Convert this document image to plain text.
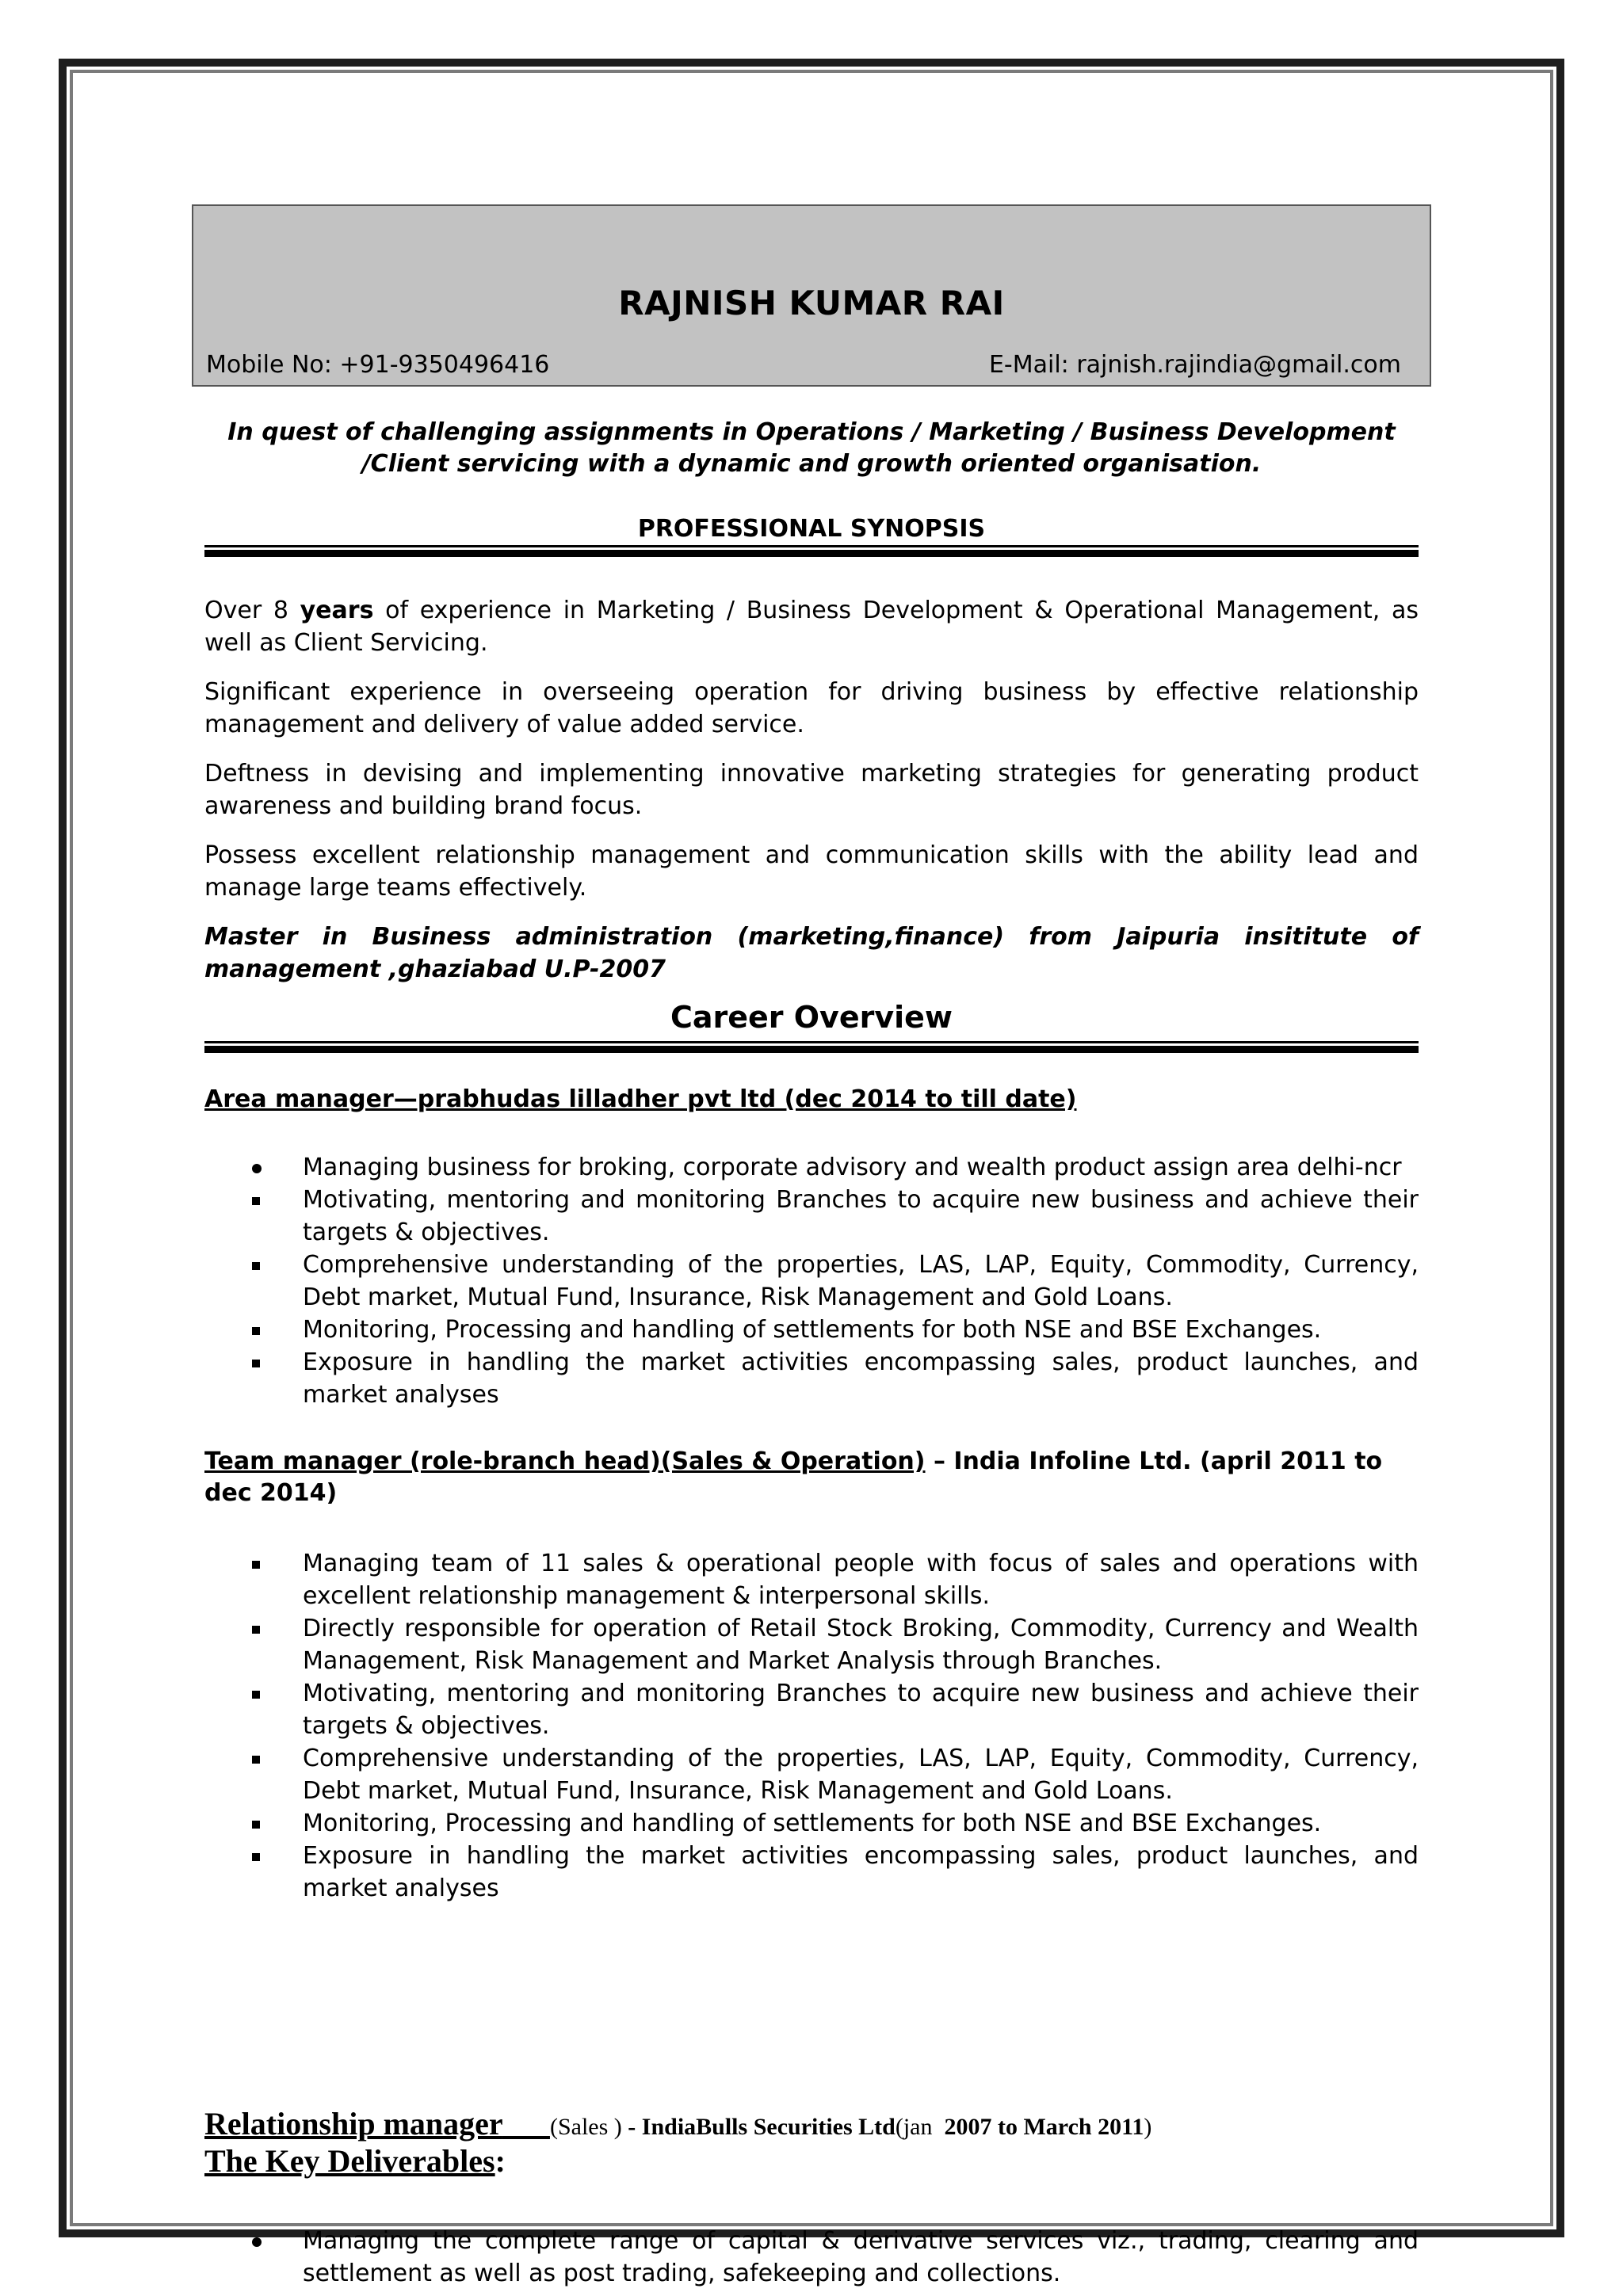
RAJNISH KUMAR RAI
Mobile No: +91-9350496416	E-Mail: rajnish.rajindia@gmail.com
In quest of challenging assignments in Operations / Marketing / Business Development /Client servicing with a dynamic and growth oriented organisation.
PROFESSIONAL SYNOPSIS
Over 8 years of experience in Marketing / Business Development & Operational Management, as well as Client Servicing.
Significant experience in overseeing operation for driving business by effective relationship management and delivery of value added service.
Deftness in devising and implementing innovative marketing strategies for generating product awareness and building brand focus.
Possess excellent relationship management and communication skills with the ability lead and manage large teams effectively.
Master in Business administration (marketing,finance) from Jaipuria insititute of management ,ghaziabad U.P-2007
Career Overview
Area manager—prabhudas lilladher pvt ltd (dec 2014 to till date)
Managing business for broking, corporate advisory and wealth product assign area delhi-ncr
Motivating, mentoring and monitoring Branches to acquire new business and achieve their targets & objectives.
Comprehensive understanding of the properties, LAS, LAP, Equity, Commodity, Currency, Debt market, Mutual Fund, Insurance, Risk Management and Gold Loans.
Monitoring, Processing and handling of settlements for both NSE and BSE Exchanges.
Exposure in handling the market activities encompassing sales, product launches, and market analyses
Team manager (role-branch head)(Sales & Operation) – India Infoline Ltd. (april 2011 to dec 2014)
Managing team of 11 sales & operational people with focus of sales and operations with excellent relationship management & interpersonal skills.
Directly responsible for operation of Retail Stock Broking, Commodity, Currency and Wealth Management, Risk Management and Market Analysis through Branches.
Motivating, mentoring and monitoring Branches to acquire new business and achieve their targets & objectives.
Comprehensive understanding of the properties, LAS, LAP, Equity, Commodity, Currency, Debt market, Mutual Fund, Insurance, Risk Management and Gold Loans.
Monitoring, Processing and handling of settlements for both NSE and BSE Exchanges.
Exposure in handling the market activities encompassing sales, product launches, and market analyses
Relationship manager (Sales ) - IndiaBulls Securities Ltd(jan  2007 to March 2011)
The Key Deliverables:
Managing the complete range of capital & derivative services viz., trading, clearing and settlement as well as post trading, safekeeping and collections.
